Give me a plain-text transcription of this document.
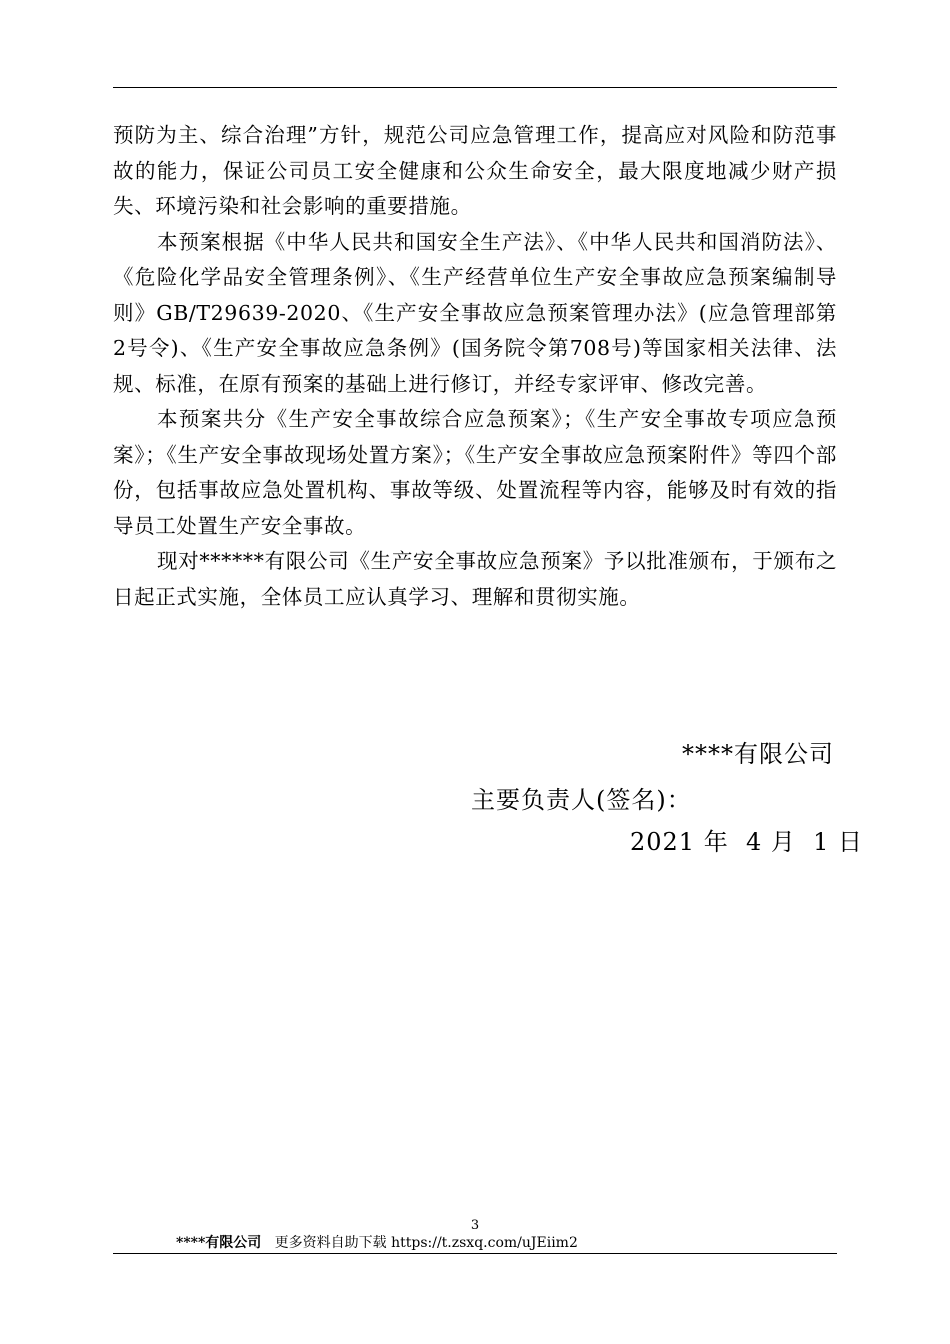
预防为主、综合治理”方针，规范公司应急管理工作，提高应对风险和防范事故的能力，保证公司员工安全健康和公众生命安全，最大限度地减少财产损失、环境污染和社会影响的重要措施。

本预案根据《中华人民共和国安全生产法》、《中华人民共和国消防法》、《危险化学品安全管理条例》、《生产经营单位生产安全事故应急预案编制导则》GB/T29639-2020、《生产安全事故应急预案管理办法》(应急管理部第2号令)、《生产安全事故应急条例》(国务院令第708号)等国家相关法律、法规、标准，在原有预案的基础上进行修订，并经专家评审、修改完善。

本预案共分《生产安全事故综合应急预案》；《生产安全事故专项应急预案》；《生产安全事故现场处置方案》；《生产安全事故应急预案附件》等四个部份，包括事故应急处置机构、事故等级、处置流程等内容，能够及时有效的指导员工处置生产安全事故。

现对******有限公司《生产安全事故应急预案》予以批准颁布，于颁布之日起正式实施，全体员工应认真学习、理解和贯彻实施。

****有限公司
主要负责人(签名)：
2021 年  4 月  1 日
3
****有限公司   更多资料自助下载 https://t.zsxq.com/uJEiim2
